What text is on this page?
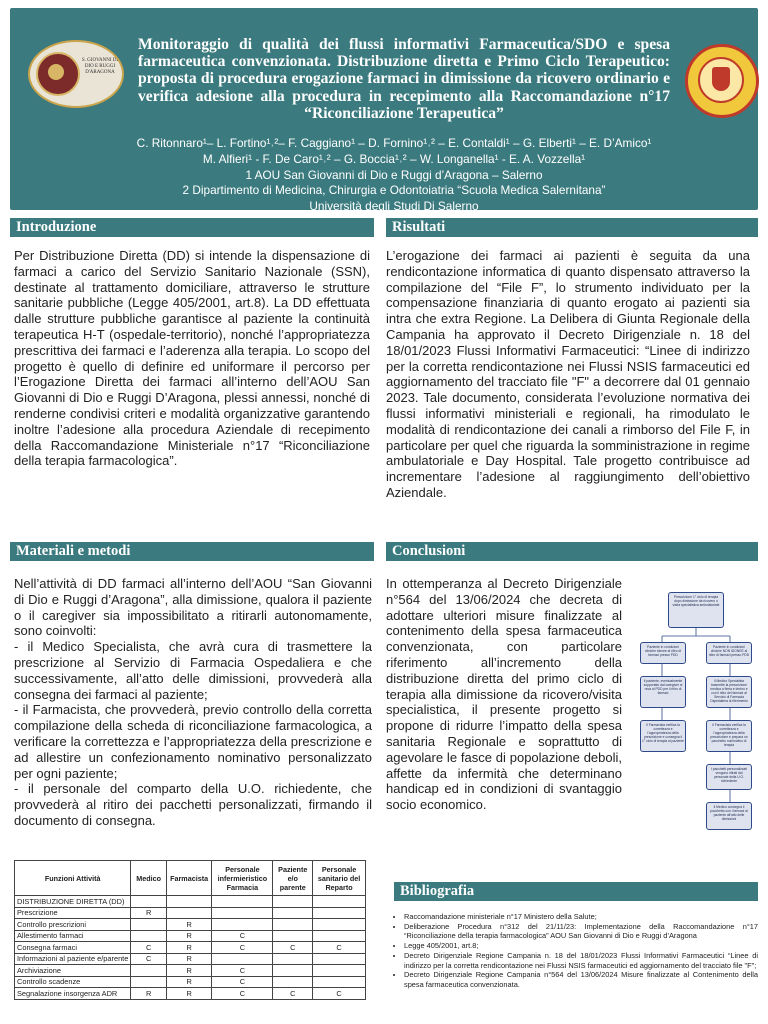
S. GIOVANNI DI DIO E RUGGI D'ARAGONA
Monitoraggio di qualità dei flussi informativi Farmaceutica/SDO e spesa farmaceutica convenzionata. Distribuzione diretta e Primo Ciclo Terapeutico: proposta di procedura erogazione farmaci in dimissione da ricovero ordinario e verifica adesione alla procedura in recepimento alla Raccomandazione n°17 “Riconciliazione Terapeutica”
C. Ritonnaro¹– L. Fortino¹˒²– F. Caggiano¹ – D. Fornino¹˒² – E. Contaldi¹ – G. Elberti¹ – E. D’Amico¹
M. Alfieri¹ - F. De Caro¹˒² – G. Boccia¹˒² – W. Longanella¹ - E. A. Vozzella¹
1 AOU San Giovanni di Dio e Ruggi d’Aragona – Salerno
2 Dipartimento di Medicina, Chirurgia e Odontoiatria “Scuola Medica Salernitana”
Università degli Studi Di Salerno
Introduzione

Per Distribuzione Diretta (DD) si intende la dispensazione di farmaci a carico del Servizio Sanitario Nazionale (SSN), destinate al trattamento domiciliare, attraverso le strutture sanitarie pubbliche (Legge 405/2001, art.8). La DD effettuata dalle strutture pubbliche garantisce al paziente la continuità terapeutica H-T (ospedale-territorio), nonché l’appropriatezza prescrittiva dei farmaci e l’aderenza alla terapia. Lo scopo del progetto è quello di definire ed uniformare il percorso per l’Erogazione Diretta dei farmaci all’interno dell’AOU San Giovanni di Dio e Ruggi D’Aragona, plessi annessi, nonché di renderne condivisi criteri e modalità organizzative garantendo inoltre l’adesione alla procedura Aziendale di recepimento della Raccomandazione Ministeriale n°17 “Riconciliazione della terapia farmacologica”.

Risultati

L’erogazione dei farmaci ai pazienti è seguita da una rendicontazione informatica di quanto dispensato attraverso la compilazione del “File F”, lo strumento individuato per la compensazione finanziaria di quanto erogato ai pazienti sia intra che extra Regione. La Delibera di Giunta Regionale della Campania ha approvato il Decreto Dirigenziale n. 18 del 18/01/2023 Flussi Informativi Farmaceutici: “Linee di indirizzo per la corretta rendicontazione nei Flussi NSIS farmaceutici ed aggiornamento del tracciato file "F" a decorrere dal 01 gennaio 2023. Tale documento, considerata l’evoluzione normativa dei flussi informativi ministeriali e regionali, ha rimodulato le modalità di rendicontazione dei canali a rimborso del File F, in particolare per quel che riguarda la somministrazione in regime ambulatoriale e Day Hospital. Tale progetto contribuisce ad incrementare l’adesione al raggiungimento dell’obiettivo Aziendale.

Materiali e metodi

Nell’attività di DD farmaci all’interno dell’AOU “San Giovanni di Dio e Ruggi d’Aragona”, alla dimissione, qualora il paziente o il caregiver sia impossibilitato a ritirarli autonomamente, sono coinvolti:

- il Medico Specialista, che avrà cura di trasmettere la prescrizione al Servizio di Farmacia Ospedaliera e che successivamente, all’atto delle dimissioni, provvederà alla consegna dei farmaci al paziente;

- il Farmacista, che provvederà, previo controllo della corretta compilazione della scheda di riconciliazione farmacologica, a verificare la correttezza e l’appropriatezza della prescrizione e ad allestire un confezionamento nominativo personalizzato per ogni paziente;

- il personale del comparto della U.O. richiedente, che provvederà al ritiro dei pacchetti personalizzati, firmando il documento di consegna.

Funzioni Attività	Medico	Farmacista	Personale infermieristico Farmacia	Paziente e/o parente	Personale sanitario del Reparto
DISTRIBUZIONE DIRETTA (DD)					
Prescrizione	R				
Controllo prescrizioni		R			
Allestimento farmaci		R	C		
Consegna farmaci	C	R	C	C	C
Informazioni al paziente e/parente	C	R			
Archiviazione		R	C		
Controllo scadenze		R	C		
Segnalazione insorgenza ADR	R	R	C	C	C
Conclusioni

In ottemperanza al Decreto Dirigenziale n°564 del 13/06/2024 che decreta di adottare ulteriori misure finalizzate al contenimento della spesa farmaceutica convenzionata, con particolare riferimento all’incremento della distribuzione diretta del primo ciclo di terapia alla dimissione da ricovero/visita specialistica, il presente progetto si propone di ridurre l’impatto della spesa sanitaria Regionale e soprattutto di agevolare le fasce di popolazione deboli, affette da infermità che determinano handicap ed in condizioni di svantaggio socio economico.

Prescrizione 1° ciclo di terapia dopo dimissione da ricovero o visita specialistica ambulatoriale
Paziente in condizioni cliniche idonee al ritiro di farmaci presso PDD
Paziente in condizioni cliniche NON IDONEE al ritiro di farmaci presso PDD
Il paziente, eventualmente supportato dal caregiver si reca al PDD per il ritiro di farmaci
Il Medico Specialista trasmette la prescrizione medica a firma e timbro e con il ritiro del farmaci al Servizio di Farmacia Ospedaliera di riferimento
Il Farmacista verifica la correttezza e l’appropriatezza della prescrizione e consegna il 1° ciclo di terapia al paziente
Il Farmacista verifica la correttezza e l’appropriatezza della prescrizione e prepara un pacchetto nominativo di terapia
I pacchetti personalizzati vengono ritirati dal personale della U.O. richiedente
Il Medico consegna il pacchetto con i farmaci al paziente all’atto delle dimissioni
Bibliografia
• Raccomandazione ministeriale n°17 Ministero della Salute;
• Deliberazione Procedura n°312 del 21/11/23: Implementazione della Raccomandazione n°17 “Riconciliazione della terapia farmacologica” AOU San Giovanni di Dio e Ruggi d’Aragona
• Legge 405/2001, art.8;
• Decreto Dirigenziale Regione Campania n. 18 del 18/01/2023 Flussi Informativi Farmaceutici “Linee di indirizzo per la corretta rendicontazione nei Flussi NSIS farmaceutici ed aggiornamento del tracciato file "F";
• Decreto Dirigenziale Regione Campania n°564 del 13/06/2024 Misure finalizzate al Contenimento della spesa farmaceutica convenzionata.
